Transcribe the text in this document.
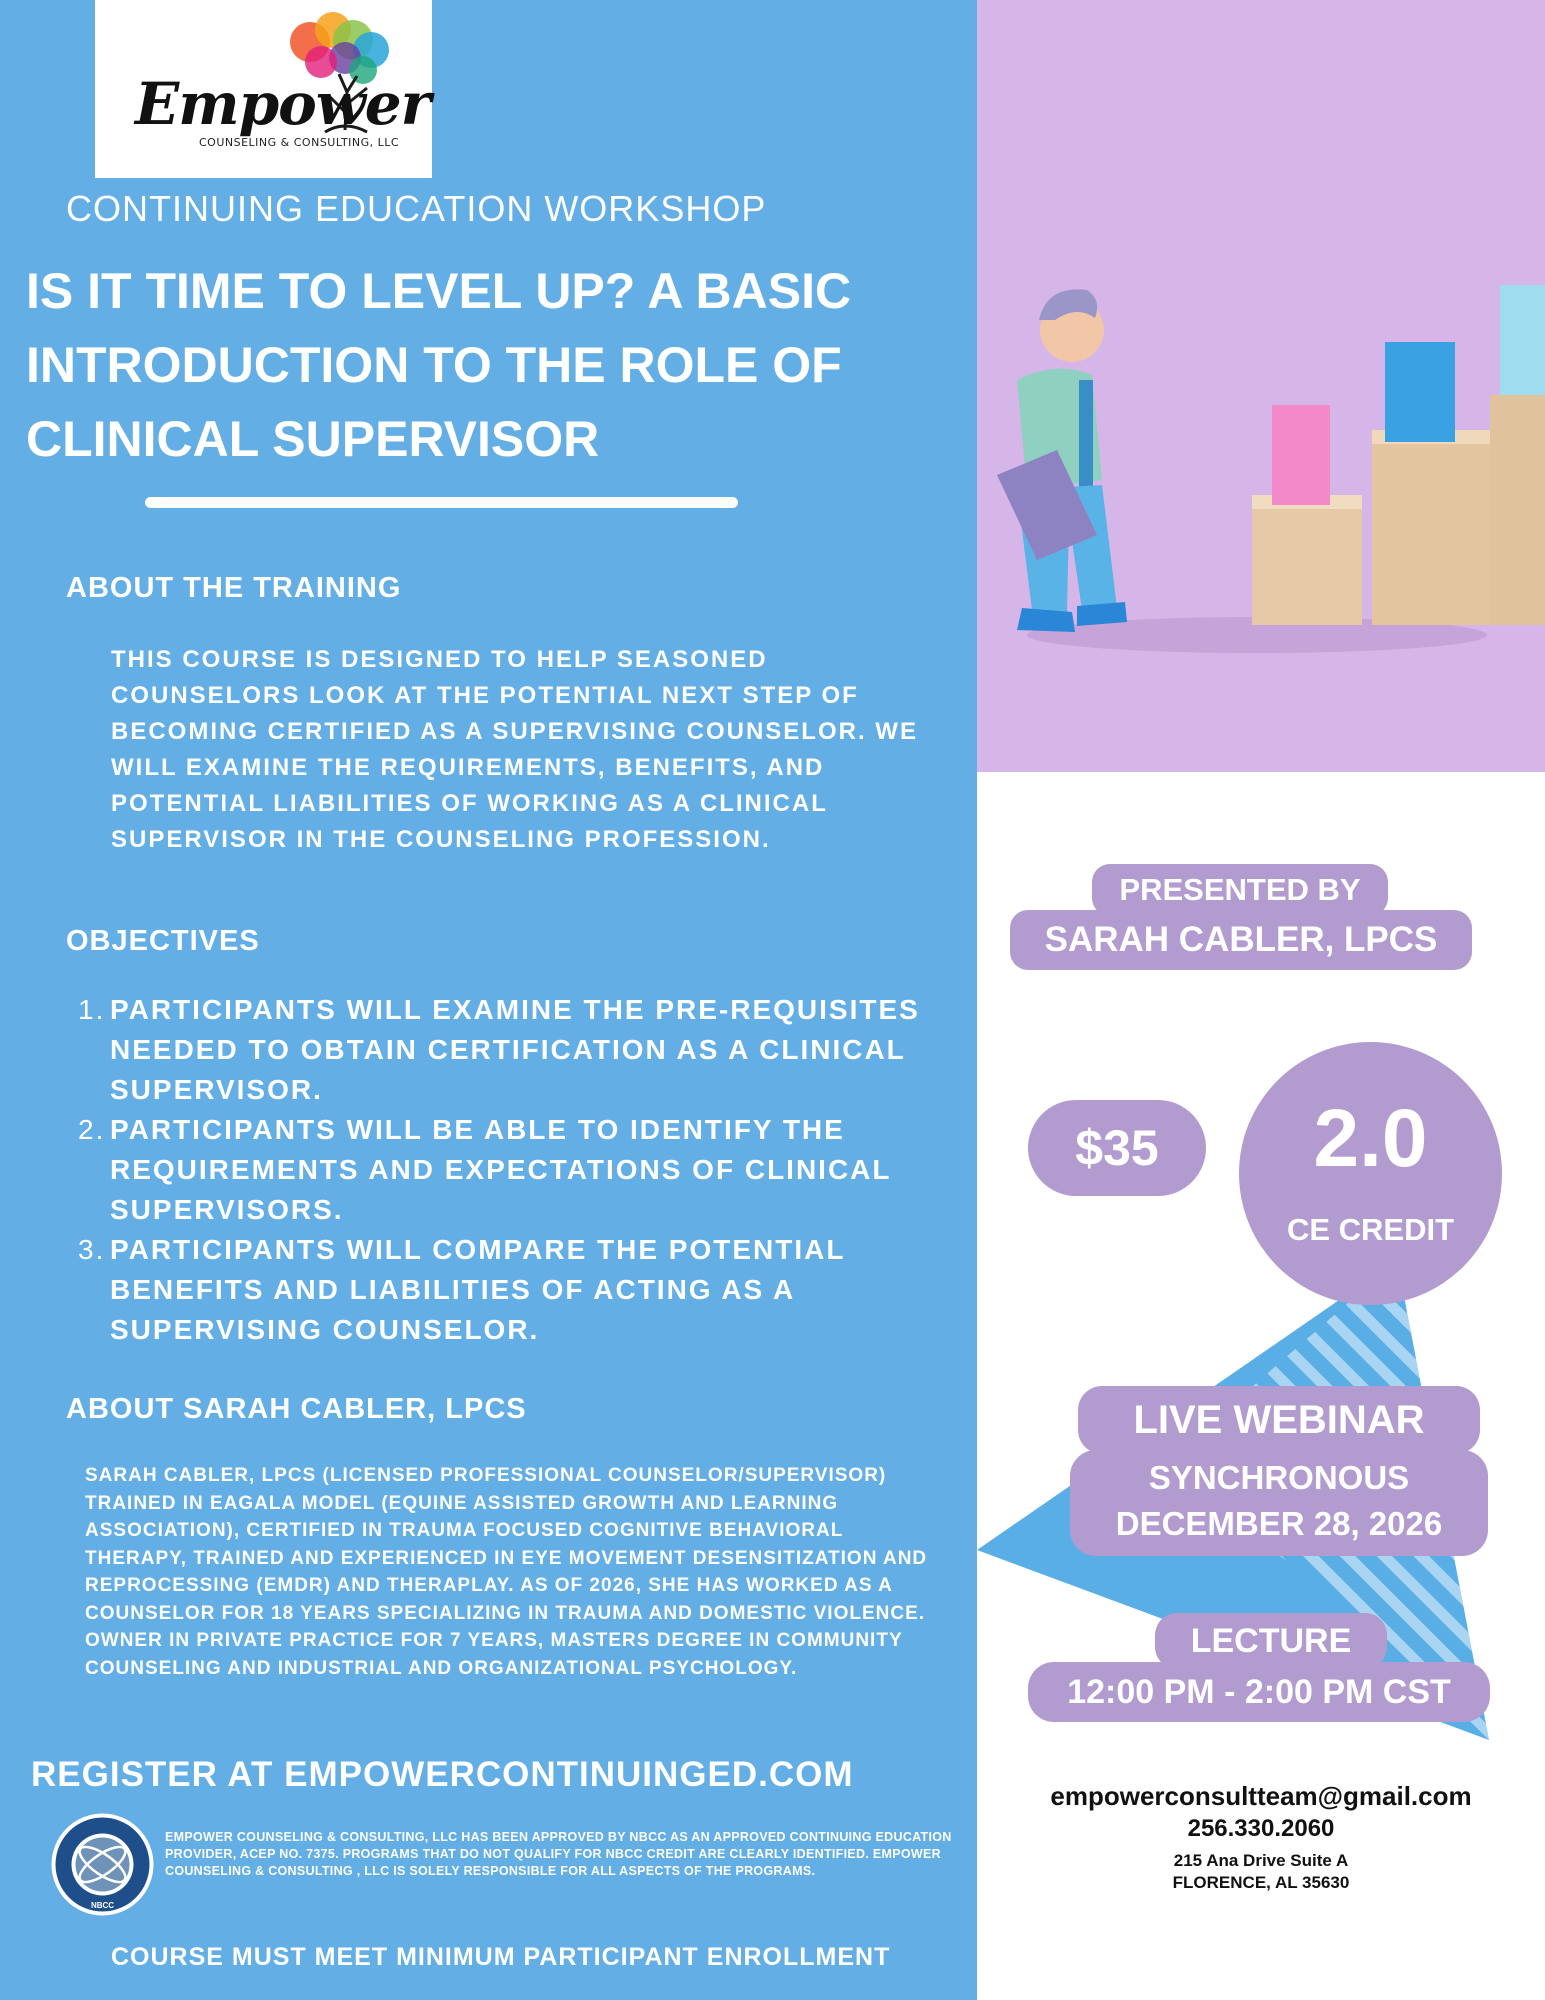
Empower
COUNSELING & CONSULTING, LLC
CONTINUING EDUCATION WORKSHOP
IS IT TIME TO LEVEL UP? A BASIC INTRODUCTION TO THE ROLE OF CLINICAL SUPERVISOR
ABOUT THE TRAINING
THIS COURSE IS DESIGNED TO HELP SEASONED COUNSELORS LOOK AT THE POTENTIAL NEXT STEP OF BECOMING CERTIFIED AS A SUPERVISING COUNSELOR. WE WILL EXAMINE THE REQUIREMENTS, BENEFITS, AND POTENTIAL LIABILITIES OF WORKING AS A CLINICAL SUPERVISOR IN THE COUNSELING PROFESSION.
OBJECTIVES
1. PARTICIPANTS WILL EXAMINE THE PRE-REQUISITES NEEDED TO OBTAIN CERTIFICATION AS A CLINICAL SUPERVISOR.
2. PARTICIPANTS WILL BE ABLE TO IDENTIFY THE REQUIREMENTS AND EXPECTATIONS OF CLINICAL SUPERVISORS.
3. PARTICIPANTS WILL COMPARE THE POTENTIAL BENEFITS AND LIABILITIES OF ACTING AS A SUPERVISING COUNSELOR.
ABOUT SARAH CABLER, LPCS
SARAH CABLER, LPCS (LICENSED PROFESSIONAL COUNSELOR/SUPERVISOR) TRAINED IN EAGALA MODEL (EQUINE ASSISTED GROWTH AND LEARNING ASSOCIATION), CERTIFIED IN TRAUMA FOCUSED COGNITIVE BEHAVIORAL THERAPY, TRAINED AND EXPERIENCED IN EYE MOVEMENT DESENSITIZATION AND REPROCESSING (EMDR) AND THERAPLAY. AS OF 2026, SHE HAS WORKED AS A COUNSELOR FOR 18 YEARS SPECIALIZING IN TRAUMA AND DOMESTIC VIOLENCE. OWNER IN PRIVATE PRACTICE FOR 7 YEARS, MASTERS DEGREE IN COMMUNITY COUNSELING AND INDUSTRIAL AND ORGANIZATIONAL PSYCHOLOGY.
REGISTER AT EMPOWERCONTINUINGED.COM
NBCC
EMPOWER COUNSELING & CONSULTING, LLC HAS BEEN APPROVED BY NBCC AS AN APPROVED CONTINUING EDUCATION PROVIDER, ACEP NO. 7375. PROGRAMS THAT DO NOT QUALIFY FOR NBCC CREDIT ARE CLEARLY IDENTIFIED. EMPOWER COUNSELING & CONSULTING , LLC IS SOLELY RESPONSIBLE FOR ALL ASPECTS OF THE PROGRAMS.
COURSE MUST MEET MINIMUM PARTICIPANT ENROLLMENT
PRESENTED BY
SARAH CABLER, LPCS
$35	2.0
CE CREDIT
LIVE WEBINAR
SYNCHRONOUS
DECEMBER 28, 2026
LECTURE
12:00 PM - 2:00 PM CST
empowerconsultteam@gmail.com
256.330.2060
215 Ana Drive Suite A
FLORENCE, AL 35630
